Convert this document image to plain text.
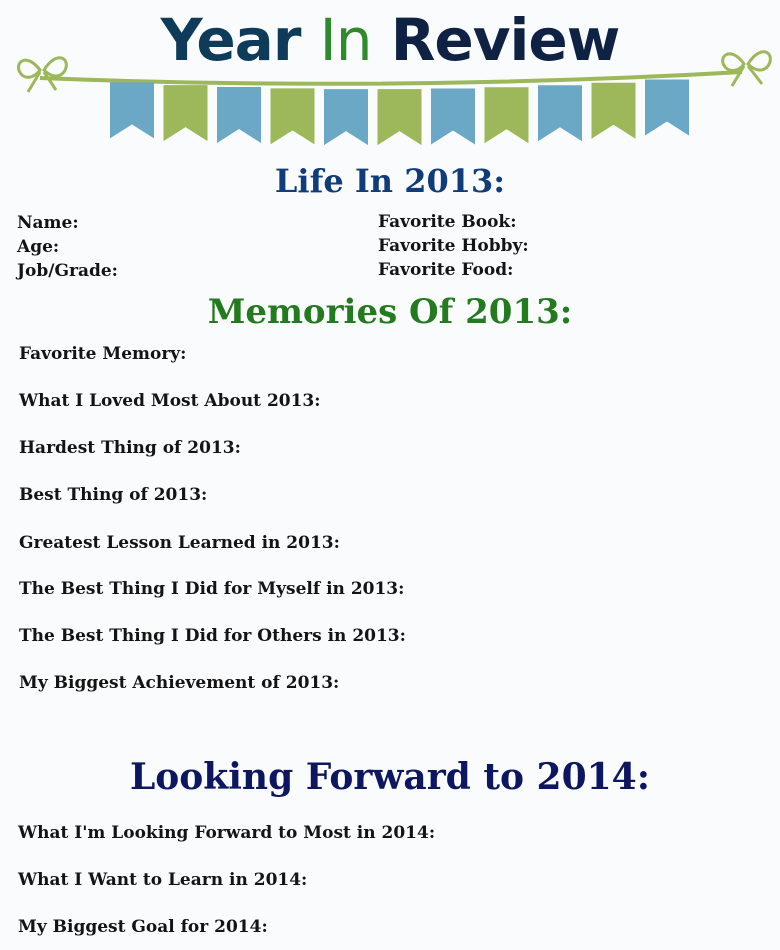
Year In Review
Life In 2013:

Name:

Age:

Job/Grade:

Favorite Book:

Favorite Hobby:

Favorite Food:

Memories Of 2013:

Favorite Memory:

What I Loved Most About 2013:

Hardest Thing of 2013:

Best Thing of 2013:

Greatest Lesson Learned in 2013:

The Best Thing I Did for Myself in 2013:

The Best Thing I Did for Others in 2013:

My Biggest Achievement of 2013:

Looking Forward to 2014:

What I'm Looking Forward to Most in 2014:

What I Want to Learn in 2014:

My Biggest Goal for 2014:
